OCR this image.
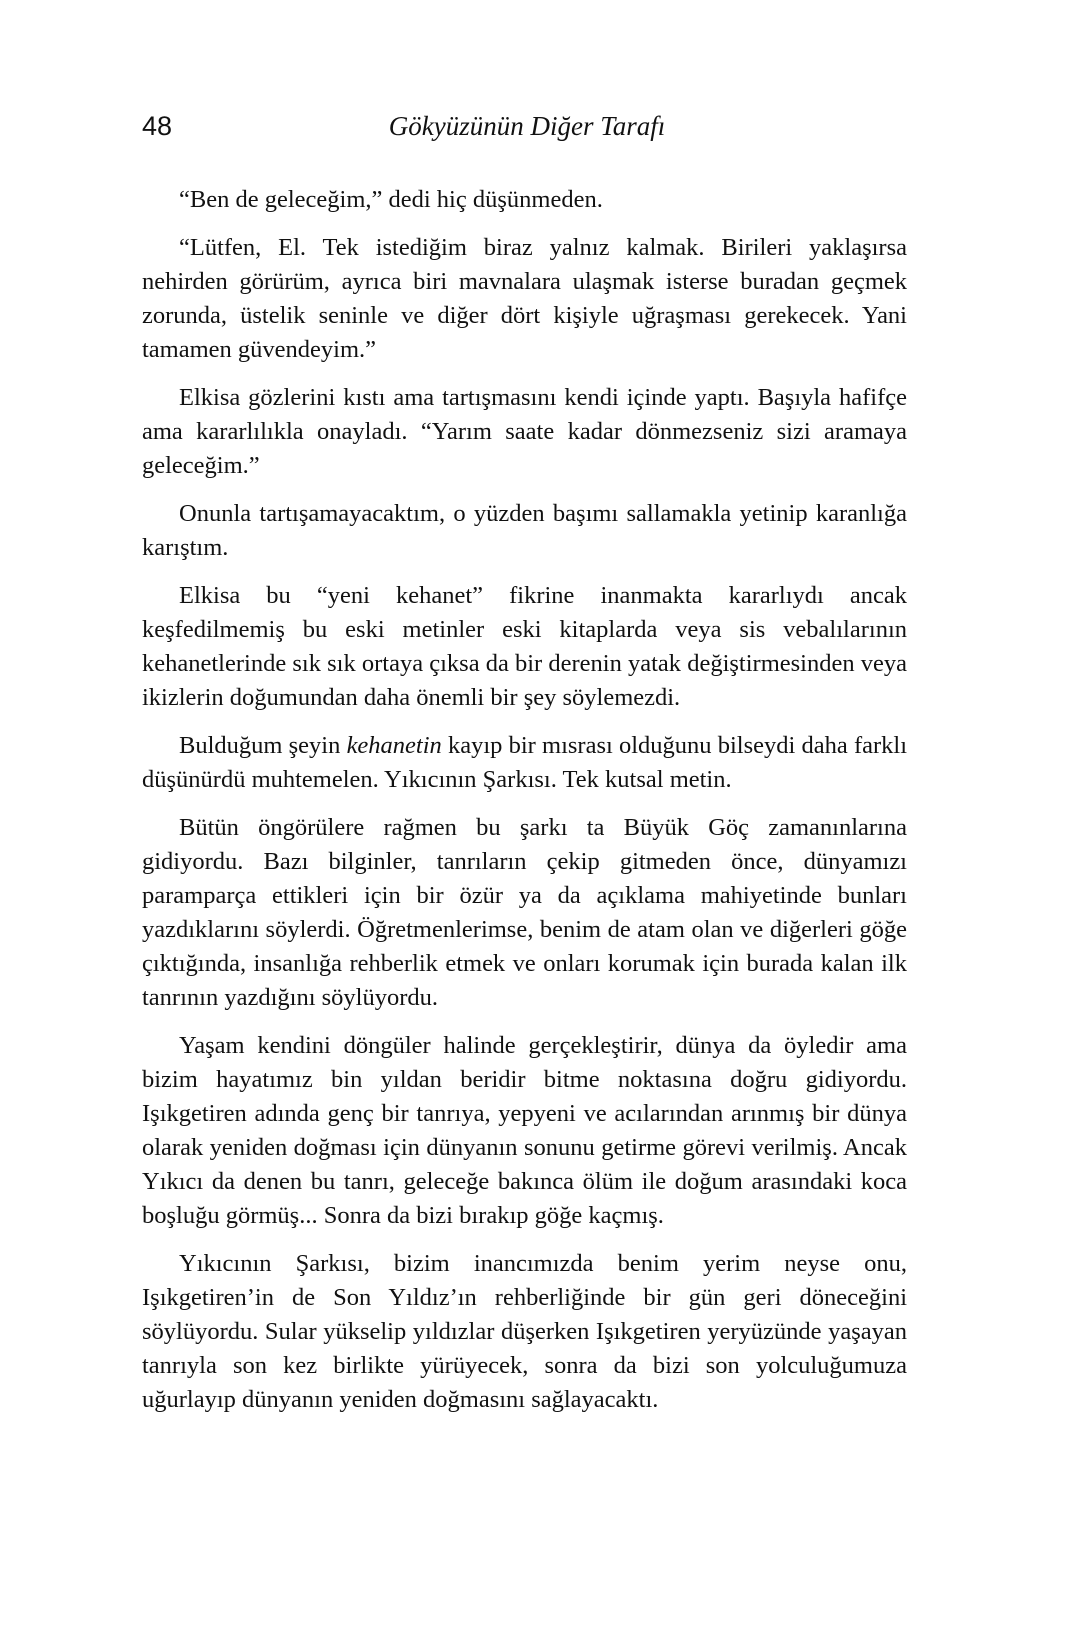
48	Gökyüzünün Diğer Tarafı

“Ben de geleceğim,” dedi hiç düşünmeden.

“Lütfen, El. Tek istediğim biraz yalnız kalmak. Birileri yaklaşırsa nehirden görürüm, ayrıca biri mavnalara ulaşmak isterse buradan geçmek zorunda, üstelik seninle ve diğer dört kişiyle uğraşması gerekecek. Yani tamamen güvendeyim.”

Elkisa gözlerini kıstı ama tartışmasını kendi içinde yaptı. Başıyla hafifçe ama kararlılıkla onayladı. “Yarım saate kadar dönmezseniz sizi aramaya geleceğim.”

Onunla tartışamayacaktım, o yüzden başımı sallamakla yetinip karanlığa karıştım.

Elkisa bu “yeni kehanet” fikrine inanmakta kararlıydı ancak keşfedilmemiş bu eski metinler eski kitaplarda veya sis vebalılarının kehanetlerinde sık sık ortaya çıksa da bir derenin yatak değiştirmesinden veya ikizlerin doğumundan daha önemli bir şey söylemezdi.

Bulduğum şeyin kehanetin kayıp bir mısrası olduğunu bilseydi daha farklı düşünürdü muhtemelen. Yıkıcının Şarkısı. Tek kutsal metin.

Bütün öngörülere rağmen bu şarkı ta Büyük Göç zamanınlarına gidiyordu. Bazı bilginler, tanrıların çekip gitmeden önce, dünyamızı paramparça ettikleri için bir özür ya da açıklama mahiyetinde bunları yazdıklarını söylerdi. Öğretmenlerimse, benim de atam olan ve diğerleri göğe çıktığında, insanlığa rehberlik etmek ve onları korumak için burada kalan ilk tanrının yazdığını söylüyordu.

Yaşam kendini döngüler halinde gerçekleştirir, dünya da öyledir ama bizim hayatımız bin yıldan beridir bitme noktasına doğru gidiyordu. Işıkgetiren adında genç bir tanrıya, yepyeni ve acılarından arınmış bir dünya olarak yeniden doğması için dünyanın sonunu getirme görevi verilmiş. Ancak Yıkıcı da denen bu tanrı, geleceğe bakınca ölüm ile doğum arasındaki koca boşluğu görmüş... Sonra da bizi bırakıp göğe kaçmış.

Yıkıcının Şarkısı, bizim inancımızda benim yerim neyse onu, Işıkgetiren’in de Son Yıldız’ın rehberliğinde bir gün geri döneceğini söylüyordu. Sular yükselip yıldızlar düşerken Işıkgetiren yeryüzünde yaşayan tanrıyla son kez birlikte yürüyecek, sonra da bizi son yolculuğumuza uğurlayıp dünyanın yeniden doğmasını sağlayacaktı.
